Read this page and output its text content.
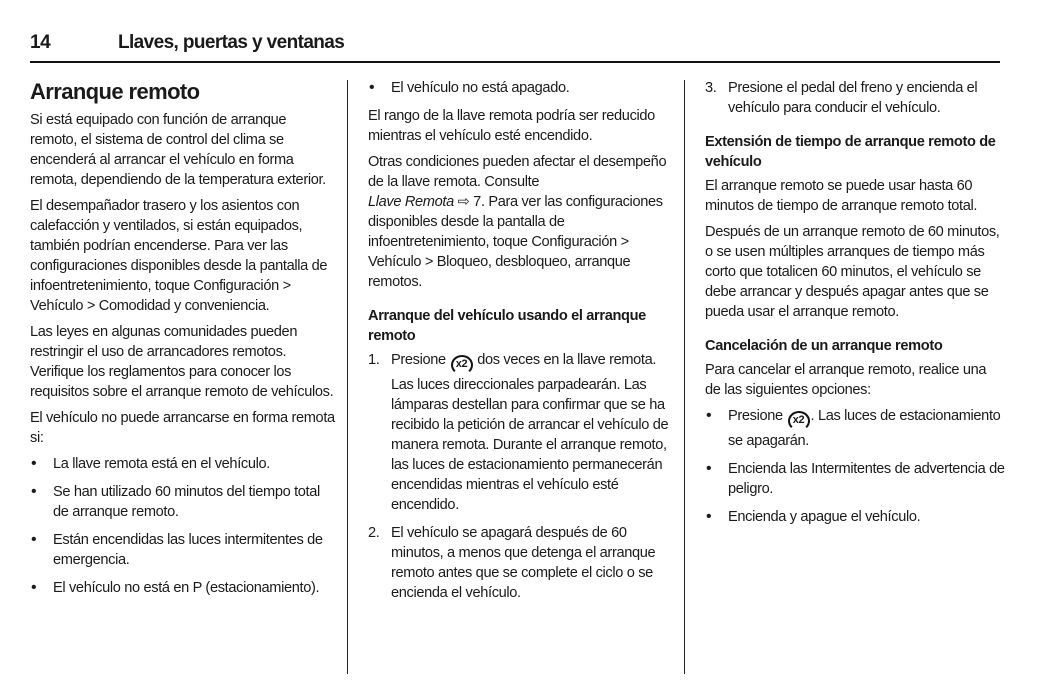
14	Llaves, puertas y ventanas
Arranque remoto

Si está equipado con función de arranque remoto, el sistema de control del clima se encenderá al arrancar el vehículo en forma remota, dependiendo de la temperatura exterior.

El desempañador trasero y los asientos con calefacción y ventilados, si están equipados, también podrían encenderse. Para ver las configuraciones disponibles desde la pantalla de infoentretenimiento, toque Configuración > Vehículo > Comodidad y conveniencia.

Las leyes en algunas comunidades pueden restringir el uso de arrancadores remotos. Verifique los reglamentos para conocer los requisitos sobre el arranque remoto de vehículos.

El vehículo no puede arrancarse en forma remota si:

• La llave remota está en el vehículo.
• Se han utilizado 60 minutos del tiempo total de arranque remoto.
• Están encendidas las luces intermitentes de emergencia.
• El vehículo no está en P (estacionamiento).
• El vehículo no está apagado.

El rango de la llave remota podría ser reducido mientras el vehículo esté encendido.

Otras condiciones pueden afectar el desempeño de la llave remota. Consulte
Llave Remota ⇨ 7. Para ver las configuraciones disponibles desde la pantalla de infoentretenimiento, toque Configuración > Vehículo > Bloqueo, desbloqueo, arranque remotos.

Arranque del vehículo usando el arranque remoto
1. Presione x2 dos veces en la llave remota. Las luces direccionales parpadearán. Las lámparas destellan para confirmar que se ha recibido la petición de arrancar el vehículo de manera remota. Durante el arranque remoto, las luces de estacionamiento permanecerán encendidas mientras el vehículo esté encendido.
2. El vehículo se apagará después de 60 minutos, a menos que detenga el arranque remoto antes que se complete el ciclo o se encienda el vehículo.
3. Presione el pedal del freno y encienda el vehículo para conducir el vehículo.
Extensión de tiempo de arranque remoto de vehículo

El arranque remoto se puede usar hasta 60 minutos de tiempo de arranque remoto total.

Después de un arranque remoto de 60 minutos, o se usen múltiples arranques de tiempo más corto que totalicen 60 minutos, el vehículo se debe arrancar y después apagar antes que se pueda usar el arranque remoto.

Cancelación de un arranque remoto

Para cancelar el arranque remoto, realice una de las siguientes opciones:

• Presione x2 . Las luces de estacionamiento se apagarán.
• Encienda las Intermitentes de advertencia de peligro.
• Encienda y apague el vehículo.
